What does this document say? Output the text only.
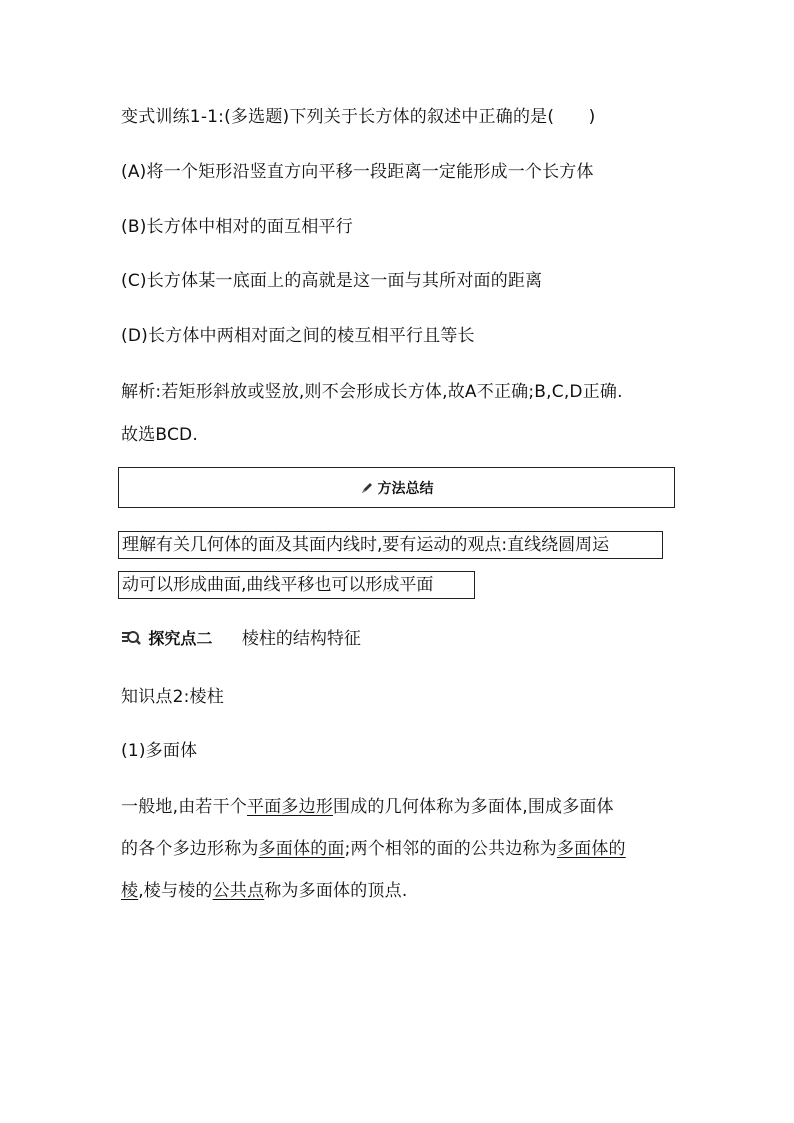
变式训练1-1:(多选题)下列关于长方体的叙述中正确的是(　　)
(A)将一个矩形沿竖直方向平移一段距离一定能形成一个长方体
(B)长方体中相对的面互相平行
(C)长方体某一底面上的高就是这一面与其所对面的距离
(D)长方体中两相对面之间的棱互相平行且等长
解析:若矩形斜放或竖放,则不会形成长方体,故A不正确;B,C,D正确.
故选BCD.
方法总结
理解有关几何体的面及其面内线时,要有运动的观点:直线绕圆周运
动可以形成曲面,曲线平移也可以形成平面
探究点二 棱柱的结构特征
知识点2:棱柱
(1)多面体
一般地,由若干个平面多边形围成的几何体称为多面体,围成多面体
的各个多边形称为多面体的面;两个相邻的面的公共边称为多面体的
棱,棱与棱的公共点称为多面体的顶点.
